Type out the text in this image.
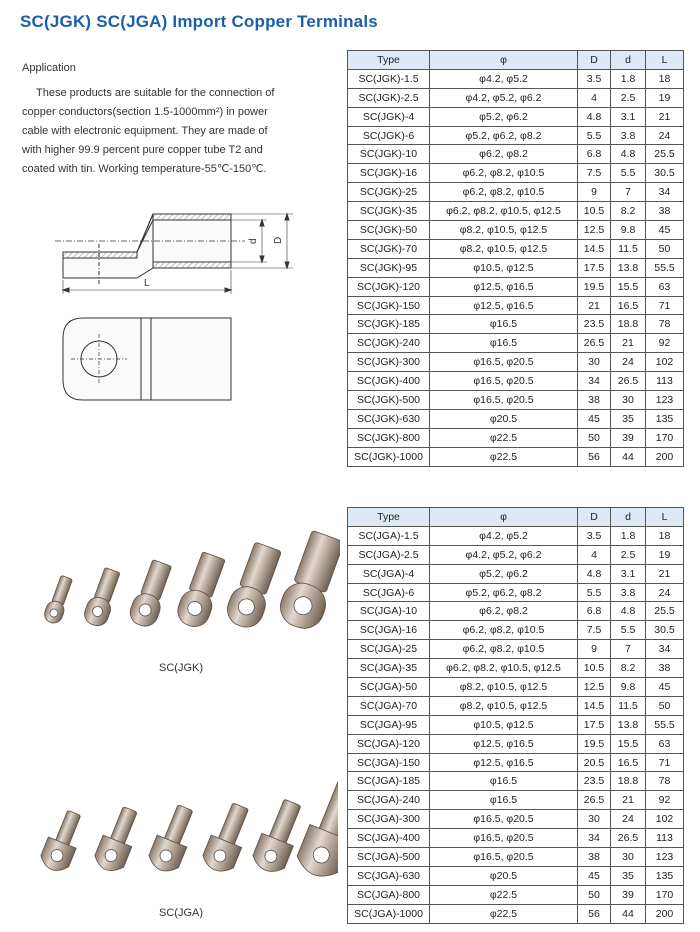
SC(JGK) SC(JGA) Import Copper Terminals
Application

These products are suitable for the connection of copper conductors(section 1.5-1000mm²) in power cable with electronic equipment. They are made of with higher 99.9 percent pure copper tube T2 and coated with tin. Working temperature-55℃-150℃.

d D
L
SC(JGK)
SC(JGA)
Type	φ	D	d	L
SC(JGK)-1.5	φ4.2, φ5.2	3.5	1.8	18
SC(JGK)-2.5	φ4.2, φ5.2, φ6.2	4	2.5	19
SC(JGK)-4	φ5.2, φ6.2	4.8	3.1	21
SC(JGK)-6	φ5.2, φ6.2, φ8.2	5.5	3.8	24
SC(JGK)-10	φ6.2, φ8.2	6.8	4.8	25.5
SC(JGK)-16	φ6.2, φ8.2, φ10.5	7.5	5.5	30.5
SC(JGK)-25	φ6.2, φ8.2, φ10.5	9	7	34
SC(JGK)-35	φ6.2, φ8.2, φ10.5, φ12.5	10.5	8.2	38
SC(JGK)-50	φ8.2, φ10.5, φ12.5	12.5	9.8	45
SC(JGK)-70	φ8.2, φ10.5, φ12.5	14.5	11.5	50
SC(JGK)-95	φ10.5, φ12.5	17.5	13.8	55.5
SC(JGK)-120	φ12.5, φ16.5	19.5	15.5	63
SC(JGK)-150	φ12.5, φ16.5	21	16.5	71
SC(JGK)-185	φ16.5	23.5	18.8	78
SC(JGK)-240	φ16.5	26.5	21	92
SC(JGK)-300	φ16.5, φ20.5	30	24	102
SC(JGK)-400	φ16.5, φ20.5	34	26.5	113
SC(JGK)-500	φ16.5, φ20.5	38	30	123
SC(JGK)-630	φ20.5	45	35	135
SC(JGK)-800	φ22.5	50	39	170
SC(JGK)-1000	φ22.5	56	44	200
Type	φ	D	d	L
SC(JGA)-1.5	φ4.2, φ5.2	3.5	1.8	18
SC(JGA)-2.5	φ4.2, φ5.2, φ6.2	4	2.5	19
SC(JGA)-4	φ5.2, φ6.2	4.8	3.1	21
SC(JGA)-6	φ5.2, φ6.2, φ8.2	5.5	3.8	24
SC(JGA)-10	φ6.2, φ8.2	6.8	4.8	25.5
SC(JGA)-16	φ6.2, φ8.2, φ10.5	7.5	5.5	30.5
SC(JGA)-25	φ6.2, φ8.2, φ10.5	9	7	34
SC(JGA)-35	φ6.2, φ8.2, φ10.5, φ12.5	10.5	8.2	38
SC(JGA)-50	φ8.2, φ10.5, φ12.5	12.5	9.8	45
SC(JGA)-70	φ8.2, φ10.5, φ12.5	14.5	11.5	50
SC(JGA)-95	φ10.5, φ12.5	17.5	13.8	55.5
SC(JGA)-120	φ12.5, φ16.5	19.5	15.5	63
SC(JGA)-150	φ12.5, φ16.5	20.5	16.5	71
SC(JGA)-185	φ16.5	23.5	18.8	78
SC(JGA)-240	φ16.5	26.5	21	92
SC(JGA)-300	φ16.5, φ20.5	30	24	102
SC(JGA)-400	φ16.5, φ20.5	34	26.5	113
SC(JGA)-500	φ16.5, φ20.5	38	30	123
SC(JGA)-630	φ20.5	45	35	135
SC(JGA)-800	φ22.5	50	39	170
SC(JGA)-1000	φ22.5	56	44	200
